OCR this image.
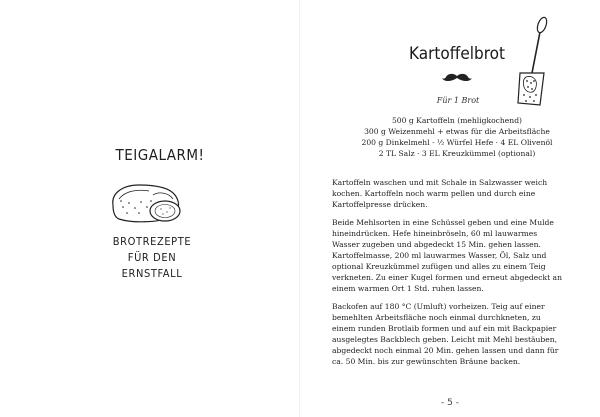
TEIGALARM!
BROTREZEPTE
FÜR DEN ERNSTFALL
Kartoffelbrot
Für 1 Brot
500 g Kartoffeln (mehligkochend)
300 g Weizenmehl + etwas für die Arbeitsfläche
200 g Dinkelmehl · ½ Würfel Hefe · 4 EL Olivenöl
2 TL Salz · 3 EL Kreuzkümmel (optional)

Kartoffeln waschen und mit Schale in Salzwasser weich kochen. Kartoffeln noch warm pellen und durch eine Kartoffelpresse drücken.

Beide Mehlsorten in eine Schüssel geben und eine Mulde hineindrücken. Hefe hineinbröseln, 60 ml lauwarmes Wasser zugeben und abgedeckt 15 Min. gehen lassen. Kartoffelmasse, 200 ml lauwarmes Wasser, Öl, Salz und optional Kreuzkümmel zufügen und alles zu einem Teig verkneten. Zu einer Kugel formen und erneut abgedeckt an einem warmen Ort 1 Std. ruhen lassen.

Backofen auf 180 °C (Umluft) vorheizen. Teig auf einer bemehlten Arbeitsfläche noch einmal durchkneten, zu einem runden Brotlaib formen und auf ein mit Backpapier ausgelegtes Backblech geben. Leicht mit Mehl bestäuben, abgedeckt noch einmal 20 Min. gehen lassen und dann für ca. 50 Min. bis zur gewünschten Bräune backen.

- 5 -
